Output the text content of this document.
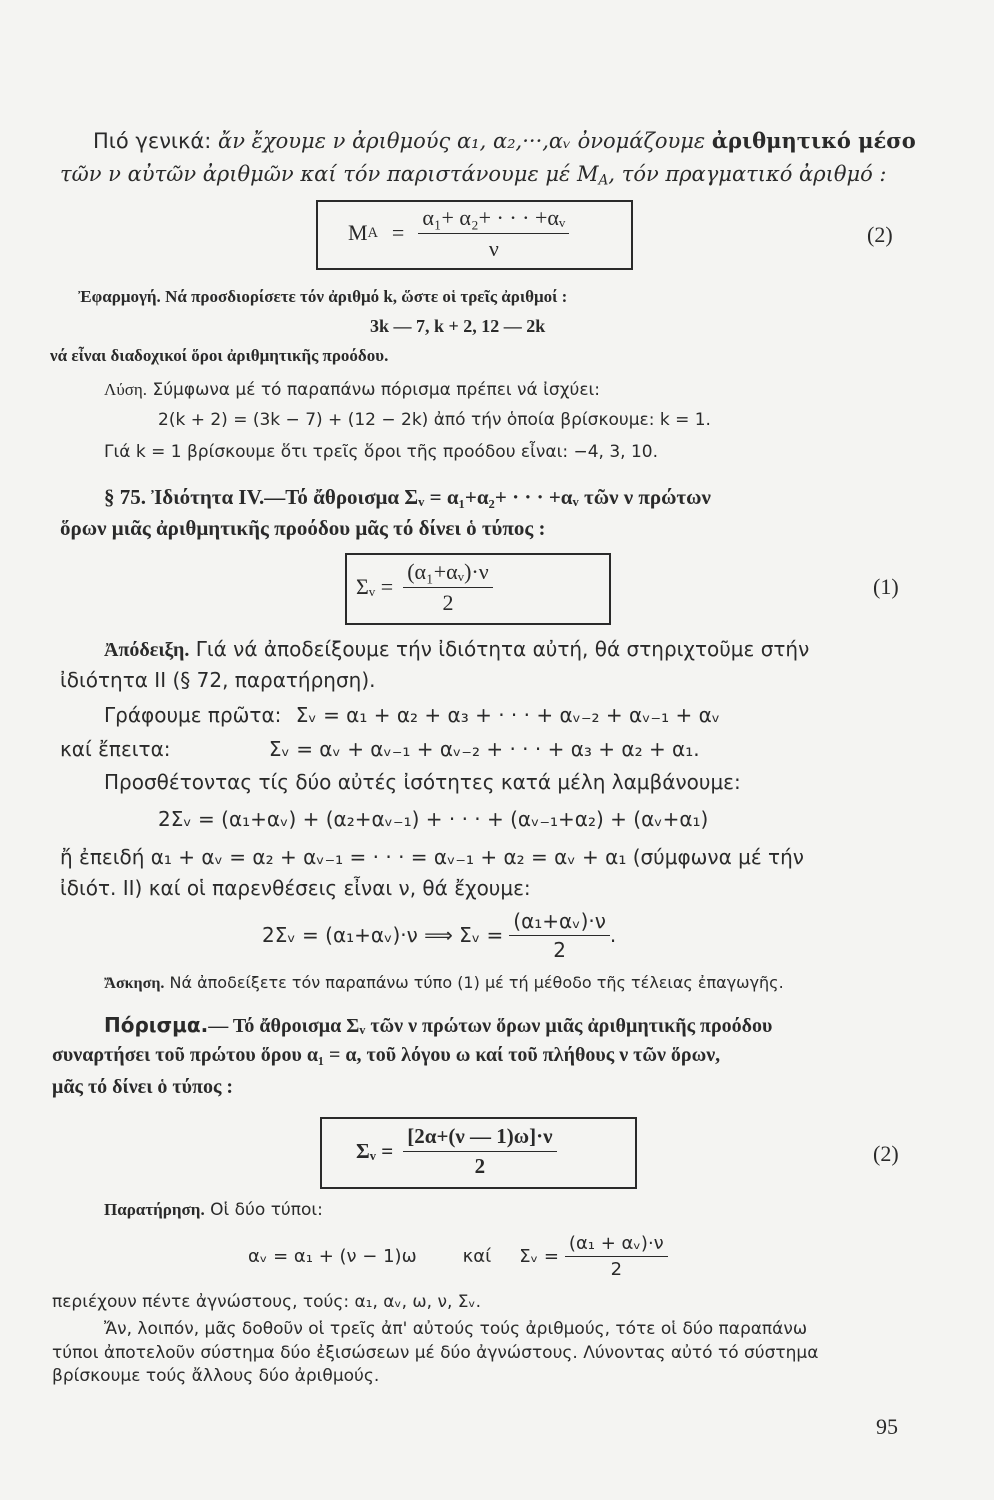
Πιό γενικά: ἄν ἔχουμε ν ἀριθμούς α₁, α₂,···,αᵥ ὀνομάζουμε ἀριθμητικό μέσο
τῶν ν αὐτῶν ἀριθμῶν καί τόν παριστάνουμε μέ $M_A$, τόν πραγματικό ἀριθμό :
M $A = \frac{\text{α₁+ α₂+ · · · +αᵥ}}{\nu}$	(2)
Ἐφαρμογή. Νά προσδιορίσετε τόν ἀριθμό k, ὥστε οἱ τρεῖς ἀριθμοί :
3k — 7, k + 2, 12 — 2k
νά εἶναι διαδοχικοί ὅροι ἀριθμητικῆς προόδου.
Λύση. Σύμφωνα μέ τό παραπάνω πόρισμα πρέπει νά ἰσχύει:
2(k + 2) = (3k − 7) + (12 − 2k) ἀπό τήν ὁποία βρίσκουμε: k = 1.
Γιά k = 1 βρίσκουμε ὅτι τρεῖς ὅροι τῆς προόδου εἶναι: −4, 3, 10.
§ 75. Ἰδιότητα IV.—Τό ἄθροισμα Σᵥ = α₁+α₂+ · · · +αᵥ τῶν ν πρώτων
ὅρων μιᾶς ἀριθμητικῆς προόδου μᾶς τό δίνει ὁ τύπος :
Σᵥ = $\frac{\text{(α₁+αᵥ)·ν}}{2}$	(1)
Ἀπόδειξη. Γιά νά ἀποδείξουμε τήν ἰδιότητα αὐτή, θά στηριχτοῦμε στήν
ἰδιότητα II (§ 72, παρατήρηση).
Γράφουμε πρῶτα: Σᵥ = α₁ + α₂ + α₃ + · · · + αᵥ₋₂ + αᵥ₋₁ + αᵥ
καί ἔπειτα:	Σᵥ = αᵥ + αᵥ₋₁ + αᵥ₋₂ + · · · + α₃ + α₂ + α₁.
Προσθέτοντας τίς δύο αὐτές ἰσότητες κατά μέλη λαμβάνουμε:
2Σᵥ = (α₁+αᵥ) + (α₂+αᵥ₋₁) + · · · + (αᵥ₋₁+α₂) + (αᵥ+α₁)
ἤ ἐπειδή α₁ + αᵥ = α₂ + αᵥ₋₁ = · · · = αᵥ₋₁ + α₂ = αᵥ + α₁ (σύμφωνα μέ τήν
ἰδιότ. II) καί οἱ παρενθέσεις εἶναι ν, θά ἔχουμε:
2Σᵥ = (α₁+αᵥ)·ν ⟹ Σᵥ = $\frac{\text{(α₁+αᵥ)·ν}}{2}$ .
Ἄσκηση. Νά ἀποδείξετε τόν παραπάνω τύπο (1) μέ τή μέθοδο τῆς τέλειας ἐπαγωγῆς.
Πόρισμα.— Τό ἄθροισμα Σᵥ τῶν ν πρώτων ὅρων μιᾶς ἀριθμητικῆς προόδου
συναρτήσει τοῦ πρώτου ὅρου α₁ = α, τοῦ λόγου ω καί τοῦ πλήθους ν τῶν ὅρων,
μᾶς τό δίνει ὁ τύπος :
Σᵥ = $\frac{[2\alpha+(\nu — 1)\omega]\cdot\nu}{2}$	(2)
Παρατήρηση. Οἱ δύο τύποι:
αᵥ = α₁ + (ν − 1)ω	καί Σᵥ = $\frac{\text{(α₁ + αᵥ)·ν}}{2}$
περιέχουν πέντε ἀγνώστους, τούς: α₁, αᵥ, ω, ν, Σᵥ.
Ἄν, λοιπόν, μᾶς δοθοῦν οἱ τρεῖς ἀπ' αὐτούς τούς ἀριθμούς, τότε οἱ δύο παραπάνω
τύποι ἀποτελοῦν σύστημα δύο ἐξισώσεων μέ δύο ἀγνώστους. Λύνοντας αὐτό τό σύστημα
βρίσκουμε τούς ἄλλους δύο ἀριθμούς.
95
